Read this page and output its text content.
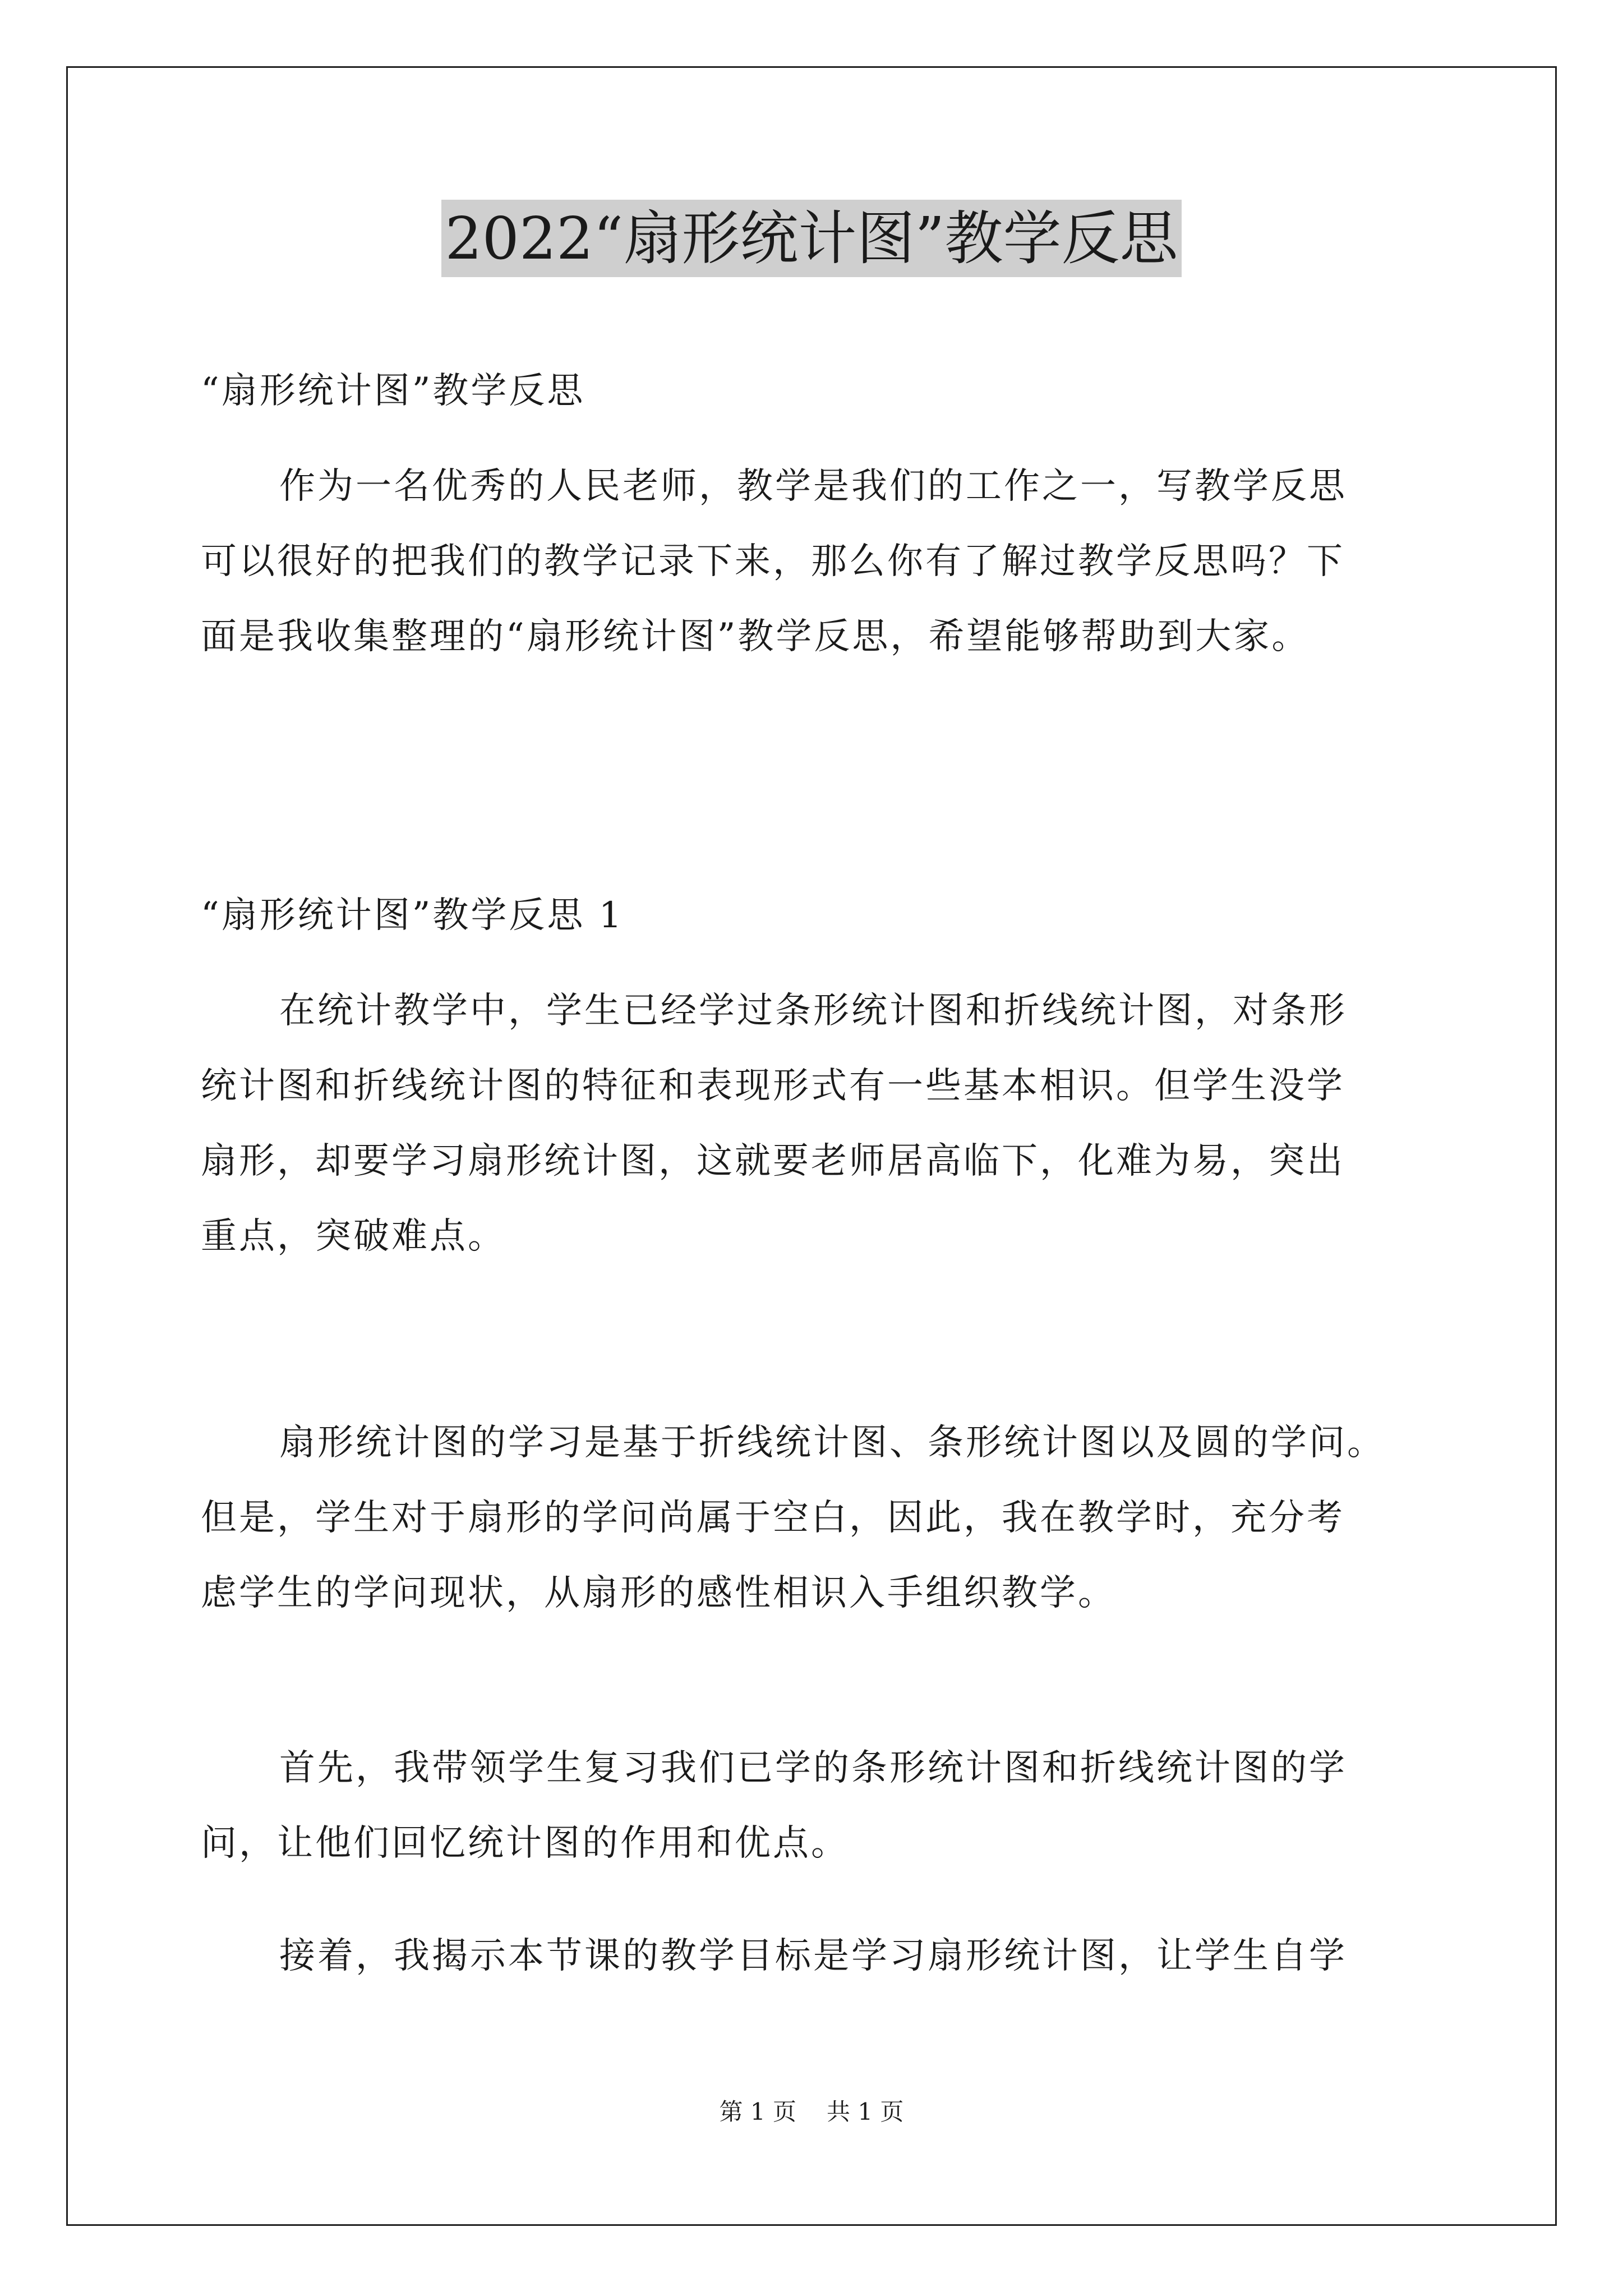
2022“扇形统计图”教学反思
“扇形统计图”教学反思
作为一名优秀的人民老师，教学是我们的工作之一，写教学反思
可以很好的把我们的教学记录下来，那么你有了解过教学反思吗？下
面是我收集整理的“扇形统计图”教学反思，希望能够帮助到大家。
“扇形统计图”教学反思 1
在统计教学中，学生已经学过条形统计图和折线统计图，对条形
统计图和折线统计图的特征和表现形式有一些基本相识。但学生没学
扇形，却要学习扇形统计图，这就要老师居高临下，化难为易，突出
重点，突破难点。
扇形统计图的学习是基于折线统计图、条形统计图以及圆的学问。
但是，学生对于扇形的学问尚属于空白，因此，我在教学时，充分考
虑学生的学问现状，从扇形的感性相识入手组织教学。
首先，我带领学生复习我们已学的条形统计图和折线统计图的学
问，让他们回忆统计图的作用和优点。
接着，我揭示本节课的教学目标是学习扇形统计图，让学生自学
第 1 页 共 1 页
